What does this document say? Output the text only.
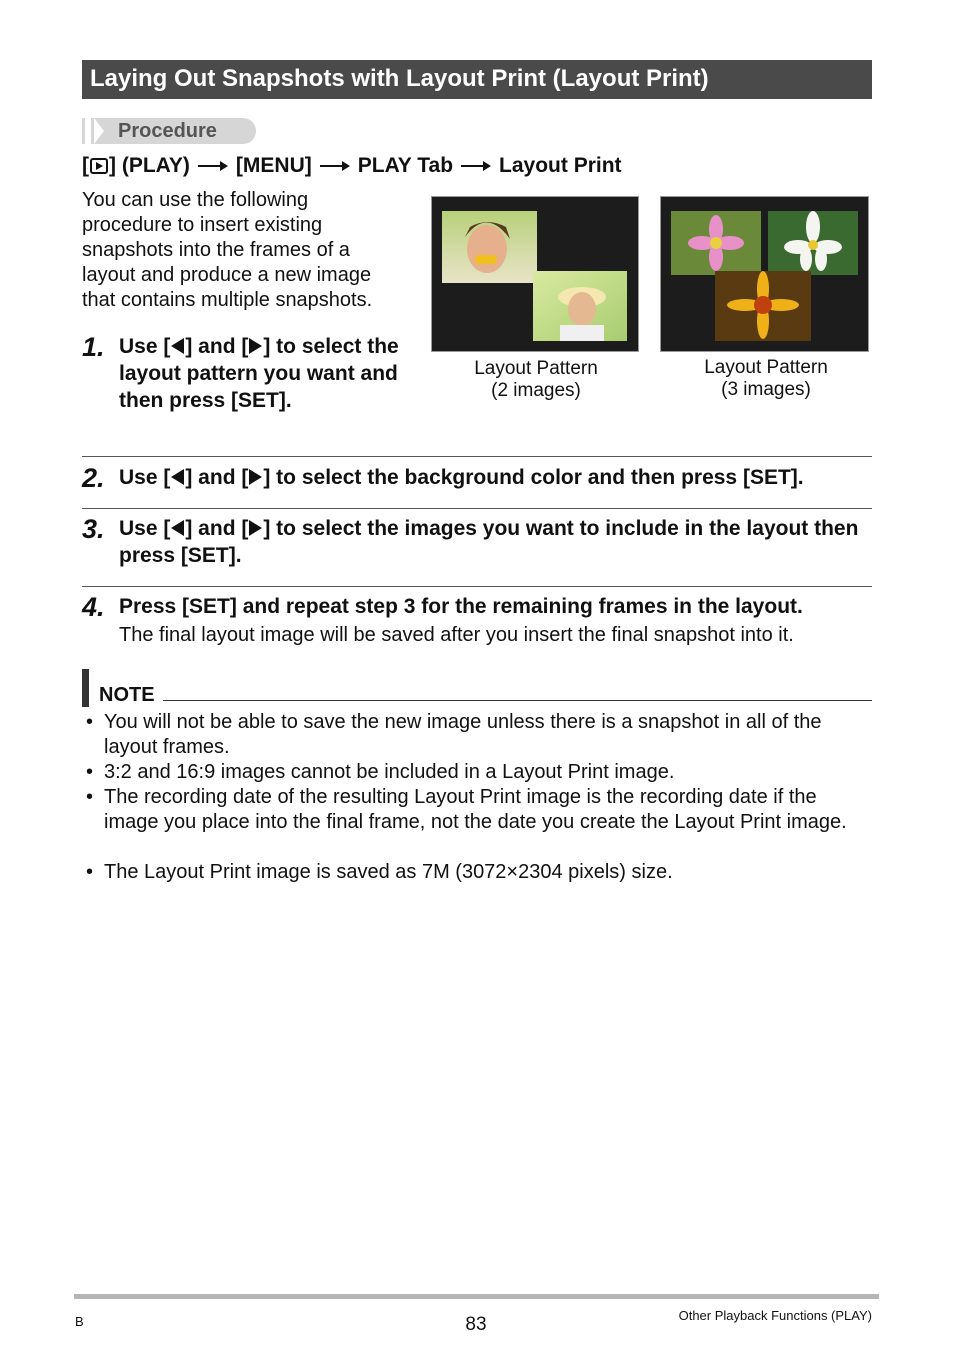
Laying Out Snapshots with Layout Print (Layout Print)
Procedure
[ ] (PLAY) [MENU] PLAY Tab Layout Print
You can use the following procedure to insert existing snapshots into the frames of a layout and produce a new image that contains multiple snapshots.
1. Use [ ] and [ ] to select the layout pattern you want and then press [SET].
Layout Pattern
(2 images)
Layout Pattern
(3 images)
2. Use [ ] and [ ] to select the background color and then press [SET].
3. Use [ ] and [ ] to select the images you want to include in the layout then press [SET].
4. Press [SET] and repeat step 3 for the remaining frames in the layout.
The final layout image will be saved after you insert the final snapshot into it.
NOTE
• You will not be able to save the new image unless there is a snapshot in all of the layout frames.
• 3:2 and 16:9 images cannot be included in a Layout Print image.
• The recording date of the resulting Layout Print image is the recording date if the image you place into the final frame, not the date you create the Layout Print image.
• The Layout Print image is saved as 7M (3072×2304 pixels) size.
B	83	Other Playback Functions (PLAY)
